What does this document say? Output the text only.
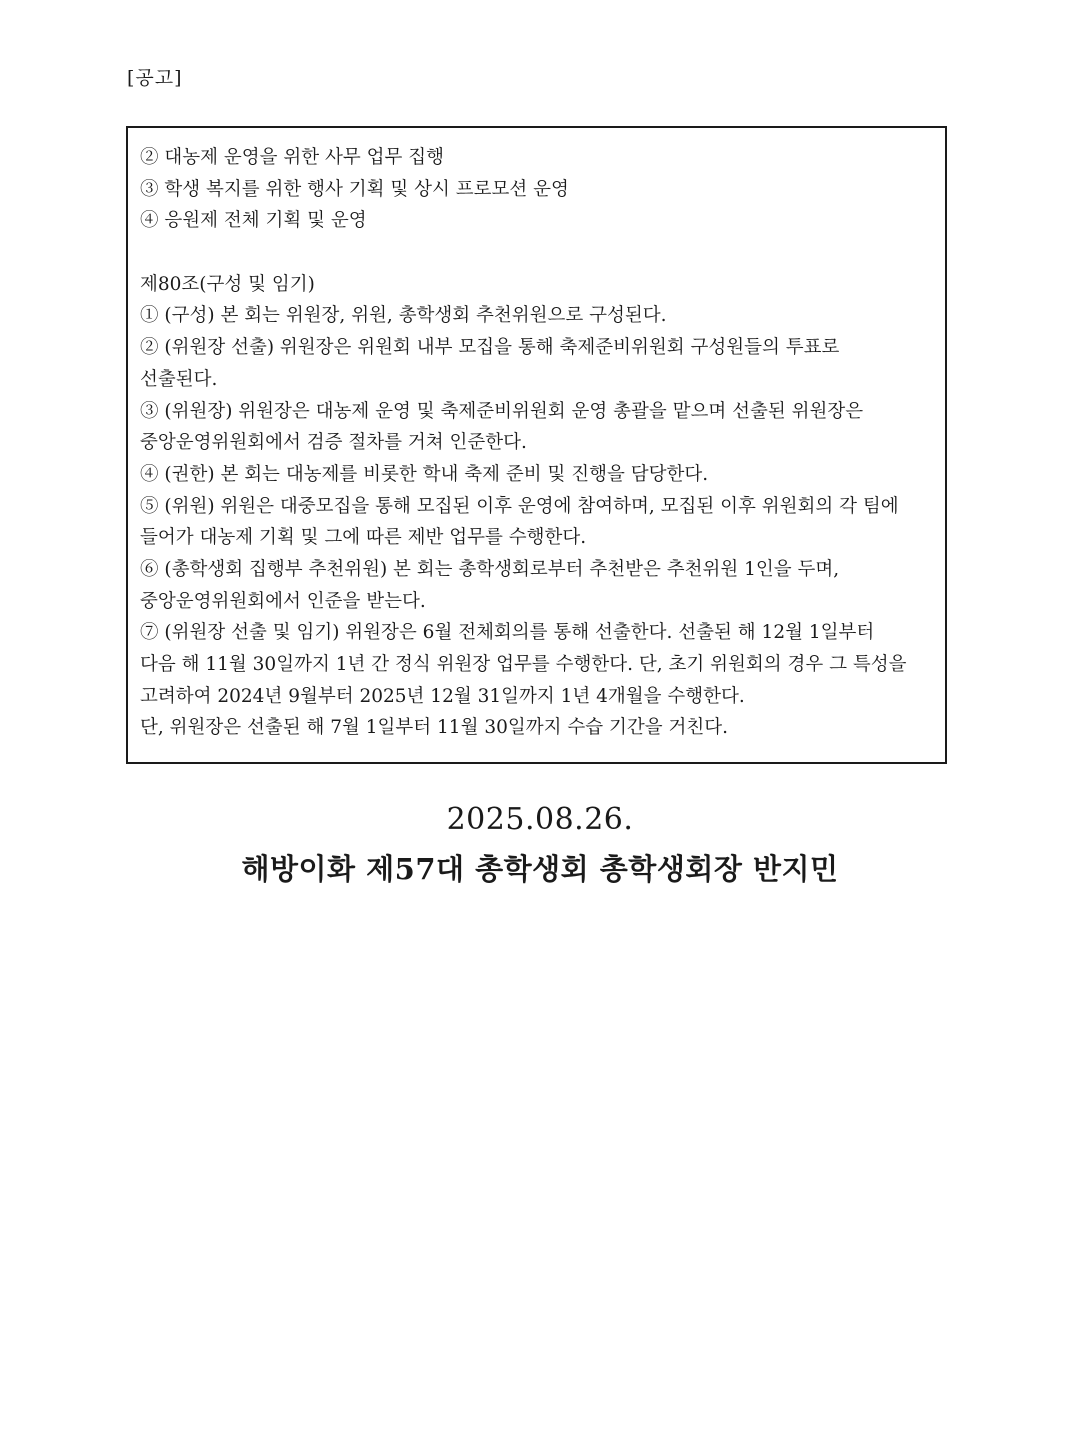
[공고]
② 대농제 운영을 위한 사무 업무 집행
③ 학생 복지를 위한 행사 기획 및 상시 프로모션 운영
④ 응원제 전체 기획 및 운영
제80조(구성 및 임기)
① (구성) 본 회는 위원장, 위원, 총학생회 추천위원으로 구성된다.
② (위원장 선출) 위원장은 위원회 내부 모집을 통해 축제준비위원회 구성원들의 투표로
선출된다.
③ (위원장) 위원장은 대농제 운영 및 축제준비위원회 운영 총괄을 맡으며 선출된 위원장은
중앙운영위원회에서 검증 절차를 거쳐 인준한다.
④ (권한) 본 회는 대농제를 비롯한 학내 축제 준비 및 진행을 담당한다.
⑤ (위원) 위원은 대중모집을 통해 모집된 이후 운영에 참여하며, 모집된 이후 위원회의 각 팀에
들어가 대농제 기획 및 그에 따른 제반 업무를 수행한다.
⑥ (총학생회 집행부 추천위원) 본 회는 총학생회로부터 추천받은 추천위원 1인을 두며,
중앙운영위원회에서 인준을 받는다.
⑦ (위원장 선출 및 임기) 위원장은 6월 전체회의를 통해 선출한다. 선출된 해 12월 1일부터
다음 해 11월 30일까지 1년 간 정식 위원장 업무를 수행한다. 단, 초기 위원회의 경우 그 특성을
고려하여 2024년 9월부터 2025년 12월 31일까지 1년 4개월을 수행한다.
단, 위원장은 선출된 해 7월 1일부터 11월 30일까지 수습 기간을 거친다.
2025.08.26.
해방이화 제57대 총학생회 총학생회장 반지민
